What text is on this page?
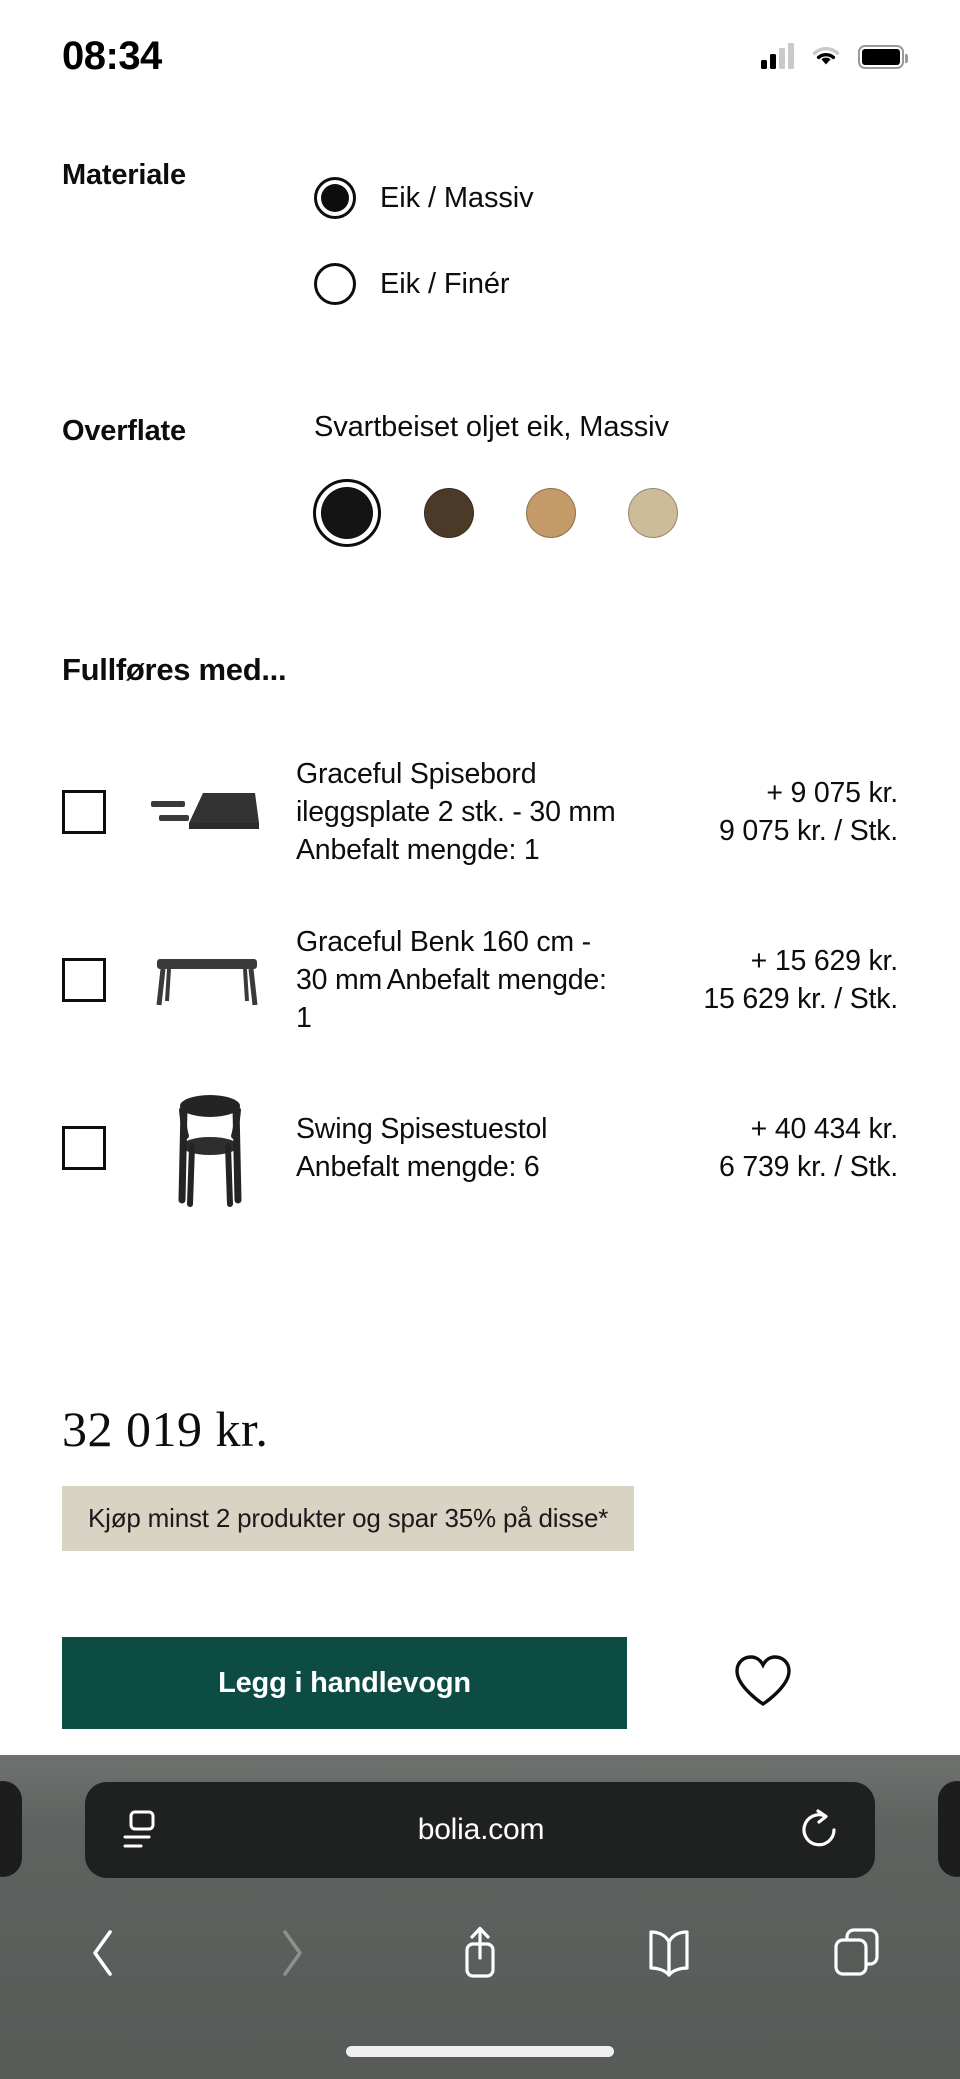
08:34
Materiale
Eik / Massiv
Eik / Finér
Overflate	Svartbeiset oljet eik, Massiv
Fullføres med...
Graceful Spisebord ileggsplate 2 stk. - 30 mm Anbefalt mengde: 1
+ 9 075 kr.
9 075 kr. / Stk.
Graceful Benk 160 cm - 30 mm Anbefalt mengde: 1
+ 15 629 kr.
15 629 kr. / Stk.
Swing Spisestuestol Anbefalt mengde: 6
+ 40 434 kr.
6 739 kr. / Stk.
32 019 kr.
Kjøp minst 2 produkter og spar 35% på disse*
Legg i handlevogn
bolia.com
